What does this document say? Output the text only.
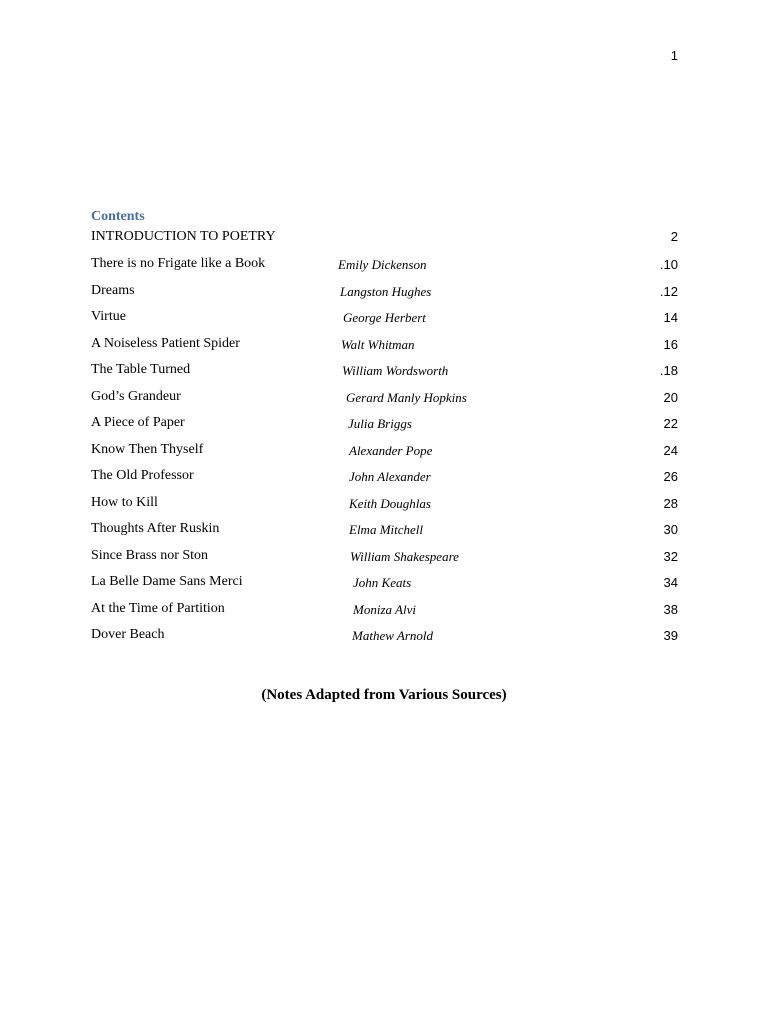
1
Contents
INTRODUCTION TO POETRY	2
There is no Frigate like a Book	Emily Dickenson	.10
Dreams	Langston Hughes	.12
Virtue	George Herbert	14
A Noiseless Patient Spider	Walt Whitman	16
The Table Turned	William Wordsworth	.18
God’s Grandeur	Gerard Manly Hopkins	20
A Piece of Paper	Julia Briggs	22
Know Then Thyself	Alexander Pope	24
The Old Professor	John Alexander	26
How to Kill	Keith Doughlas	28
Thoughts After Ruskin	Elma Mitchell	30
Since Brass nor Ston	William Shakespeare	32
La Belle Dame Sans Merci	John Keats	34
At the Time of Partition	Moniza Alvi	38
Dover Beach	Mathew Arnold	39
(Notes Adapted from Various Sources)
